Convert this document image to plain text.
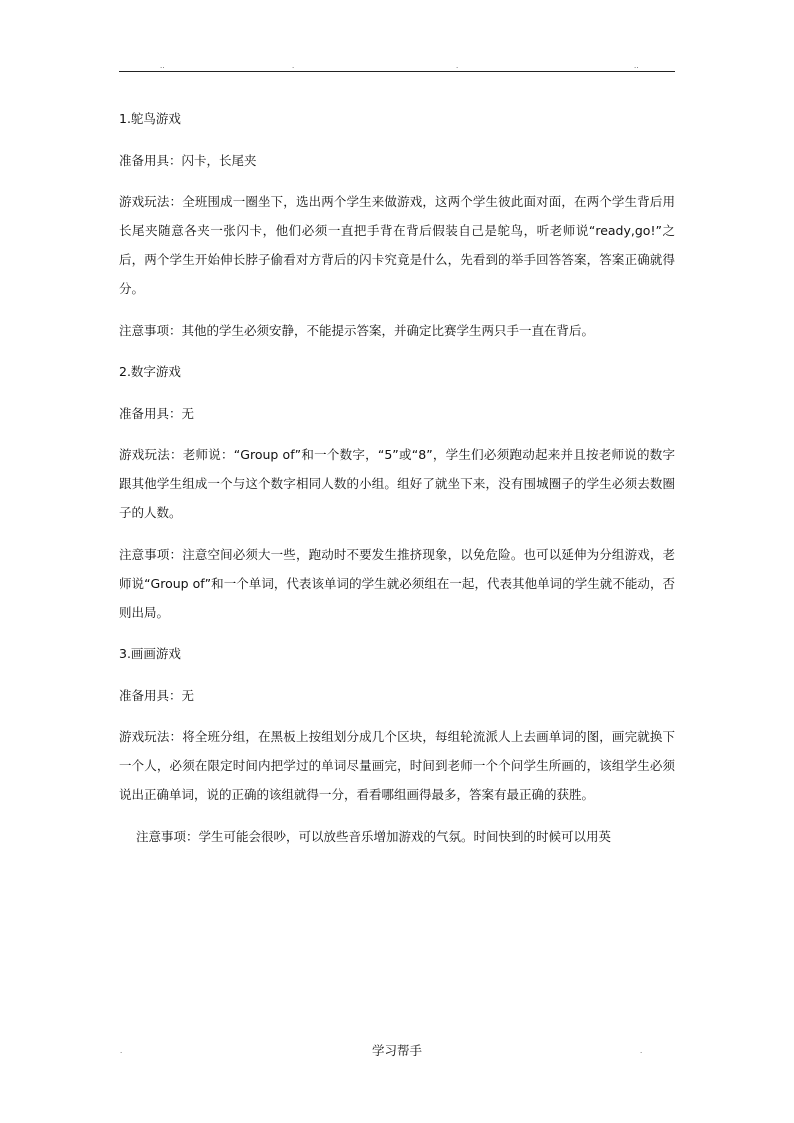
..	.	.	..

1.鸵鸟游戏

准备用具：闪卡，长尾夹

游戏玩法：全班围成一圈坐下，选出两个学生来做游戏，这两个学生彼此面对面，在两个学生背后用长尾夹随意各夹一张闪卡，他们必须一直把手背在背后假装自己是鸵鸟，听老师说“ready,go!”之后，两个学生开始伸长脖子偷看对方背后的闪卡究竟是什么，先看到的举手回答答案，答案正确就得分。

注意事项：其他的学生必须安静，不能提示答案，并确定比赛学生两只手一直在背后。

2.数字游戏

准备用具：无

游戏玩法：老师说：“Group of”和一个数字，“5”或“8”，学生们必须跑动起来并且按老师说的数字跟其他学生组成一个与这个数字相同人数的小组。组好了就坐下来，没有围城圈子的学生必须去数圈子的人数。

注意事项：注意空间必须大一些，跑动时不要发生推挤现象，以免危险。也可以延伸为分组游戏，老师说“Group of”和一个单词，代表该单词的学生就必须组在一起，代表其他单词的学生就不能动，否则出局。

3.画画游戏

准备用具：无

游戏玩法：将全班分组，在黑板上按组划分成几个区块，每组轮流派人上去画单词的图，画完就换下一个人，必须在限定时间内把学过的单词尽量画完，时间到老师一个个问学生所画的，该组学生必须说出正确单词，说的正确的该组就得一分，看看哪组画得最多，答案有最正确的获胜。

注意事项：学生可能会很吵，可以放些音乐增加游戏的气氛。时间快到的时候可以用英

.	学习帮手	.
